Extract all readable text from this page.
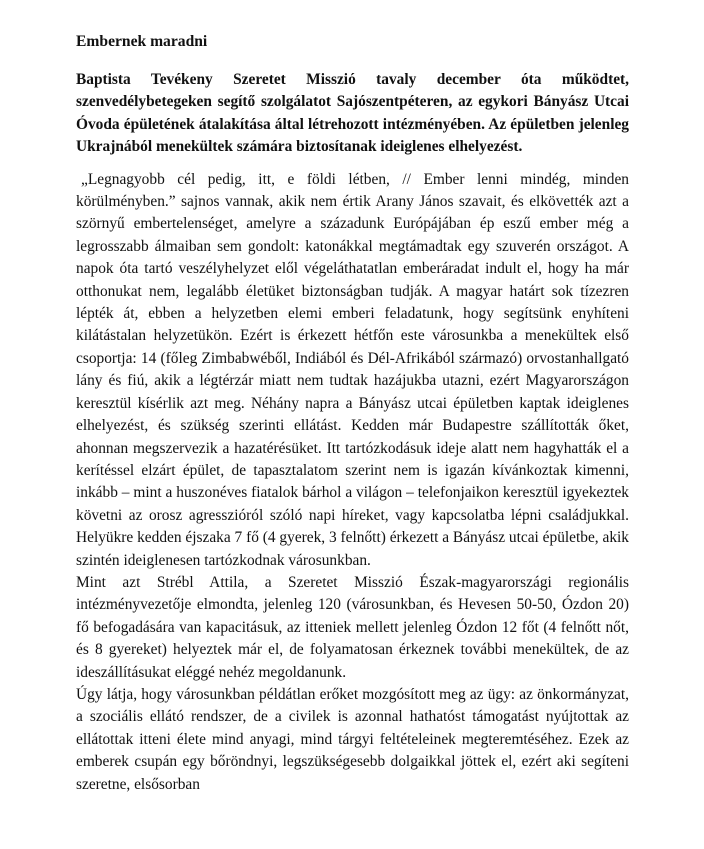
Embernek maradni

Baptista Tevékeny Szeretet Misszió tavaly december óta működtet, szenvedélybetegeken segítő szolgálatot Sajószentpéteren, az egykori Bányász Utcai Óvoda épületének átalakítása által létrehozott intézményében. Az épületben jelenleg Ukrajnából menekültek számára biztosítanak ideiglenes elhelyezést.

„Legnagyobb cél pedig, itt, e földi létben, // Ember lenni mindég, minden körülményben.” sajnos vannak, akik nem értik Arany János szavait, és elkövették azt a szörnyű embertelenséget, amelyre a századunk Európájában ép eszű ember még a legrosszabb álmaiban sem gondolt: katonákkal megtámadtak egy szuverén országot. A napok óta tartó veszélyhelyzet elől végeláthatatlan emberáradat indult el, hogy ha már otthonukat nem, legalább életüket biztonságban tudják. A magyar határt sok tízezren lépték át, ebben a helyzetben elemi emberi feladatunk, hogy segítsünk enyhíteni kilátástalan helyzetükön. Ezért is érkezett hétfőn este városunkba a menekültek első csoportja: 14 (főleg Zimbabwéből, Indiából és Dél-Afrikából származó) orvostanhallgató lány és fiú, akik a légtérzár miatt nem tudtak hazájukba utazni, ezért Magyarországon keresztül kísérlik azt meg. Néhány napra a Bányász utcai épületben kaptak ideiglenes elhelyezést, és szükség szerinti ellátást. Kedden már Budapestre szállították őket, ahonnan megszervezik a hazatérésüket. Itt tartózkodásuk ideje alatt nem hagyhatták el a kerítéssel elzárt épület, de tapasztalatom szerint nem is igazán kívánkoztak kimenni, inkább – mint a huszonéves fiatalok bárhol a világon – telefonjaikon keresztül igyekeztek követni az orosz agresszióról szóló napi híreket, vagy kapcsolatba lépni családjukkal. Helyükre kedden éjszaka 7 fő (4 gyerek, 3 felnőtt) érkezett a Bányász utcai épületbe, akik szintén ideiglenesen tartózkodnak városunkban.

Mint azt Strébl Attila, a Szeretet Misszió Észak-magyarországi regionális intézményvezetője elmondta, jelenleg 120 (városunkban, és Hevesen 50-50, Ózdon 20) fő befogadására van kapacitásuk, az itteniek mellett jelenleg Ózdon 12 főt (4 felnőtt nőt, és 8 gyereket) helyeztek már el, de folyamatosan érkeznek további menekültek, de az ideszállításukat eléggé nehéz megoldanunk.

Úgy látja, hogy városunkban példátlan erőket mozgósított meg az ügy: az önkormányzat, a szociális ellátó rendszer, de a civilek is azonnal hathatóst támogatást nyújtottak az ellátottak itteni élete mind anyagi, mind tárgyi feltételeinek megteremtéséhez. Ezek az emberek csupán egy bőröndnyi, legszükségesebb dolgaikkal jöttek el, ezért aki segíteni szeretne, elsősorban
